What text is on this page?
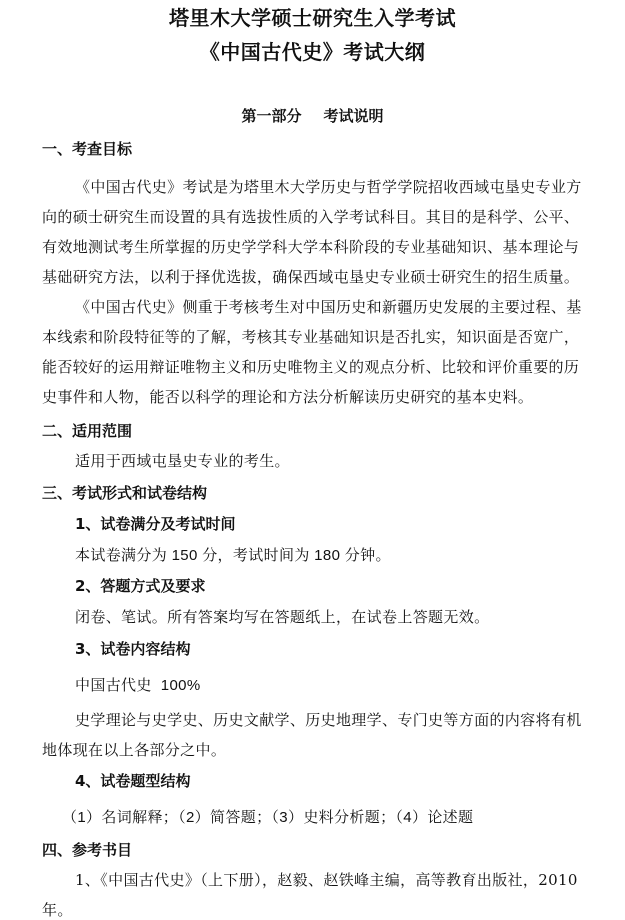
塔里木大学硕士研究生入学考试
《中国古代史》考试大纲
第一部分 考试说明
一、考查目标
《中国古代史》考试是为塔里木大学历史与哲学学院招收西域屯垦史专业方
向的硕士研究生而设置的具有选拔性质的入学考试科目。其目的是科学、公平、
有效地测试考生所掌握的历史学学科大学本科阶段的专业基础知识、基本理论与
基础研究方法，以利于择优选拔，确保西域屯垦史专业硕士研究生的招生质量。
《中国古代史》侧重于考核考生对中国历史和新疆历史发展的主要过程、基
本线索和阶段特征等的了解，考核其专业基础知识是否扎实，知识面是否宽广，
能否较好的运用辩证唯物主义和历史唯物主义的观点分析、比较和评价重要的历
史事件和人物，能否以科学的理论和方法分析解读历史研究的基本史料。
二、适用范围
适用于西域屯垦史专业的考生。
三、考试形式和试卷结构
1、试卷满分及考试时间
本试卷满分为 150 分，考试时间为 180 分钟。
2、答题方式及要求
闭卷、笔试。所有答案均写在答题纸上，在试卷上答题无效。
3、试卷内容结构
中国古代史  100%
史学理论与史学史、历史文献学、历史地理学、专门史等方面的内容将有机
地体现在以上各部分之中。
4、试卷题型结构
（1）名词解释；（2）简答题；（3）史料分析题；（4）论述题
四、参考书目
1、《中国古代史》（上下册），赵毅、赵铁峰主编，高等教育出版社，2010
年。
